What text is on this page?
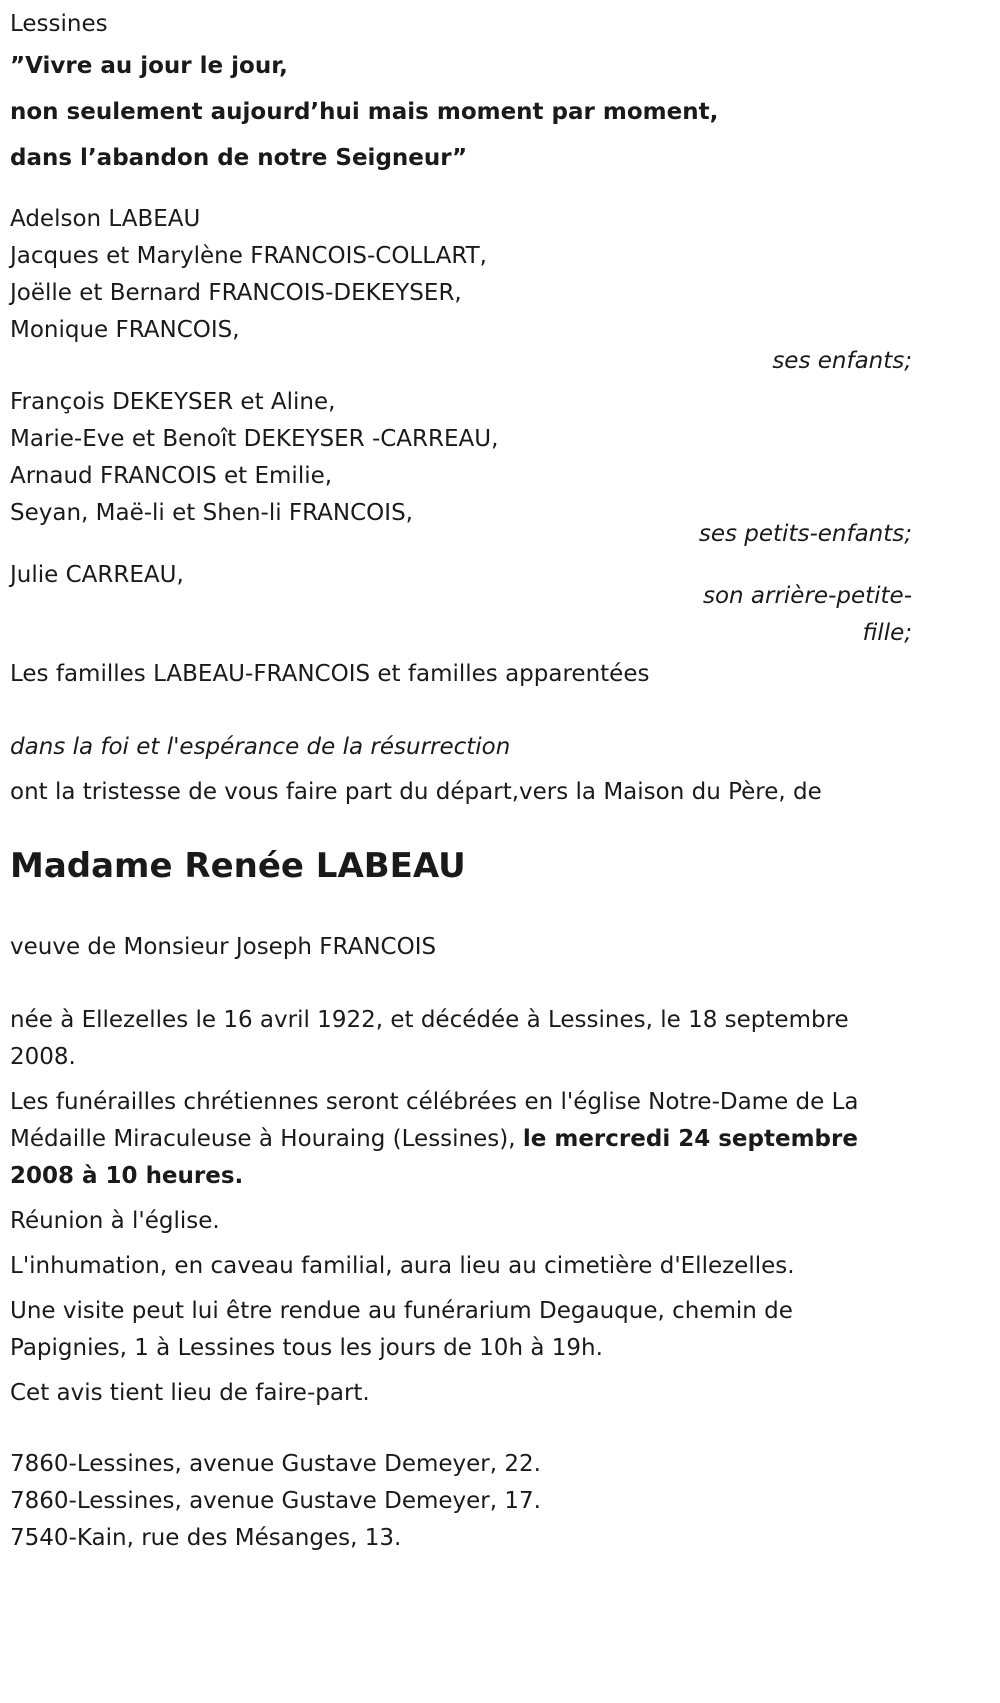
Lessines
”Vivre au jour le jour,
non seulement aujourd’hui mais moment par moment,
dans l’abandon de notre Seigneur”
Adelson LABEAU
Jacques et Marylène FRANCOIS-COLLART,
Joëlle et Bernard FRANCOIS-DEKEYSER,
Monique FRANCOIS,
ses enfants;
François DEKEYSER et Aline,
Marie-Eve et Benoît DEKEYSER -CARREAU,
Arnaud FRANCOIS et Emilie,
Seyan, Maë-li et Shen-li FRANCOIS,
ses petits-enfants;
Julie CARREAU,
son arrière-petite-fille;
Les familles LABEAU-FRANCOIS et familles apparentées
dans la foi et l'espérance de la résurrection
ont la tristesse de vous faire part du départ,vers la Maison du Père, de
Madame Renée LABEAU
veuve de Monsieur Joseph FRANCOIS
née à Ellezelles le 16 avril 1922, et décédée à Lessines, le 18 septembre 2008.
Les funérailles chrétiennes seront célébrées en l'église Notre-Dame de La Médaille Miraculeuse à Houraing (Lessines), le mercredi 24 septembre 2008 à 10 heures.
Réunion à l'église.
L'inhumation, en caveau familial, aura lieu au cimetière d'Ellezelles.
Une visite peut lui être rendue au funérarium Degauque, chemin de Papignies, 1 à Lessines tous les jours de 10h à 19h.
Cet avis tient lieu de faire-part.
7860-Lessines, avenue Gustave Demeyer, 22.
7860-Lessines, avenue Gustave Demeyer, 17.
7540-Kain, rue des Mésanges, 13.
